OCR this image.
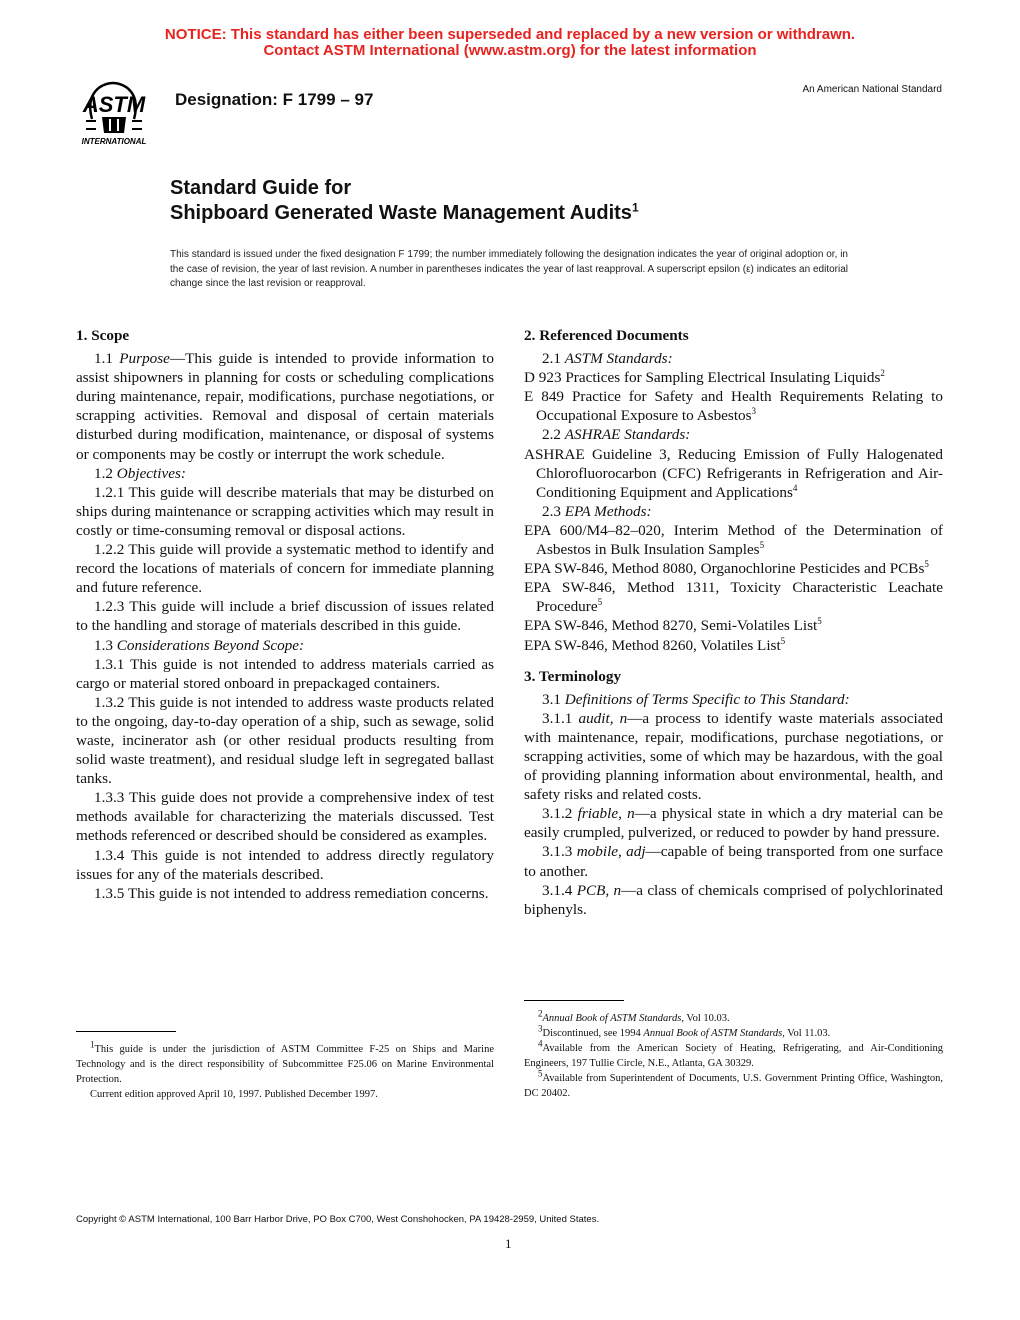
NOTICE: This standard has either been superseded and replaced by a new version or withdrawn.
Contact ASTM International (www.astm.org) for the latest information
ASTM
INTERNATIONAL
Designation: F 1799 – 97
An American National Standard
Standard Guide for
Shipboard Generated Waste Management Audits$^1$
This standard is issued under the fixed designation F 1799; the number immediately following the designation indicates the year of original adoption or, in the case of revision, the year of last revision. A number in parentheses indicates the year of last reapproval. A superscript epsilon (ε) indicates an editorial change since the last revision or reapproval.

1. Scope

1.1 Purpose—This guide is intended to provide information to assist shipowners in planning for costs or scheduling complications during maintenance, repair, modifications, purchase negotiations, or scrapping activities. Removal and disposal of certain materials disturbed during modification, maintenance, or disposal of systems or components may be costly or interrupt the work schedule.

1.2 Objectives:

1.2.1 This guide will describe materials that may be disturbed on ships during maintenance or scrapping activities which may result in costly or time-consuming removal or disposal actions.

1.2.2 This guide will provide a systematic method to identify and record the locations of materials of concern for immediate planning and future reference.

1.2.3 This guide will include a brief discussion of issues related to the handling and storage of materials described in this guide.

1.3 Considerations Beyond Scope:

1.3.1 This guide is not intended to address materials carried as cargo or material stored onboard in prepackaged containers.

1.3.2 This guide is not intended to address waste products related to the ongoing, day-to-day operation of a ship, such as sewage, solid waste, incinerator ash (or other residual products resulting from solid waste treatment), and residual sludge left in segregated ballast tanks.

1.3.3 This guide does not provide a comprehensive index of test methods available for characterizing the materials discussed. Test methods referenced or described should be considered as examples.

1.3.4 This guide is not intended to address directly regulatory issues for any of the materials described.

1.3.5 This guide is not intended to address remediation concerns.

$^1$This guide is under the jurisdiction of ASTM Committee F-25 on Ships and Marine Technology and is the direct responsibility of Subcommittee F25.06 on Marine Environmental Protection.

Current edition approved April 10, 1997. Published December 1997.

2. Referenced Documents

2.1 ASTM Standards:

D 923 Practices for Sampling Electrical Insulating Liquids$^2$

E 849 Practice for Safety and Health Requirements Relating to Occupational Exposure to Asbestos$^3$

2.2 ASHRAE Standards:

ASHRAE Guideline 3, Reducing Emission of Fully Halogenated Chlorofluorocarbon (CFC) Refrigerants in Refrigeration and Air-Conditioning Equipment and Applications$^4$

2.3 EPA Methods:

EPA 600/M4–82–020, Interim Method of the Determination of Asbestos in Bulk Insulation Samples$^5$

EPA SW-846, Method 8080, Organochlorine Pesticides and PCBs$^5$

EPA SW-846, Method 1311, Toxicity Characteristic Leachate Procedure$^5$

EPA SW-846, Method 8270, Semi-Volatiles List$^5$

EPA SW-846, Method 8260, Volatiles List$^5$

3. Terminology

3.1 Definitions of Terms Specific to This Standard:

3.1.1 audit, n—a process to identify waste materials associated with maintenance, repair, modifications, purchase negotiations, or scrapping activities, some of which may be hazardous, with the goal of providing planning information about environmental, health, and safety risks and related costs.

3.1.2 friable, n—a physical state in which a dry material can be easily crumpled, pulverized, or reduced to powder by hand pressure.

3.1.3 mobile, adj—capable of being transported from one surface to another.

3.1.4 PCB, n—a class of chemicals comprised of polychlorinated biphenyls.

$^2$Annual Book of ASTM Standards, Vol 10.03.

$^3$Discontinued, see 1994 Annual Book of ASTM Standards, Vol 11.03.

$^4$Available from the American Society of Heating, Refrigerating, and Air-Conditioning Engineers, 197 Tullie Circle, N.E., Atlanta, GA 30329.

$^5$Available from Superintendent of Documents, U.S. Government Printing Office, Washington, DC 20402.

Copyright © ASTM International, 100 Barr Harbor Drive, PO Box C700, West Conshohocken, PA 19428-2959, United States.
1
